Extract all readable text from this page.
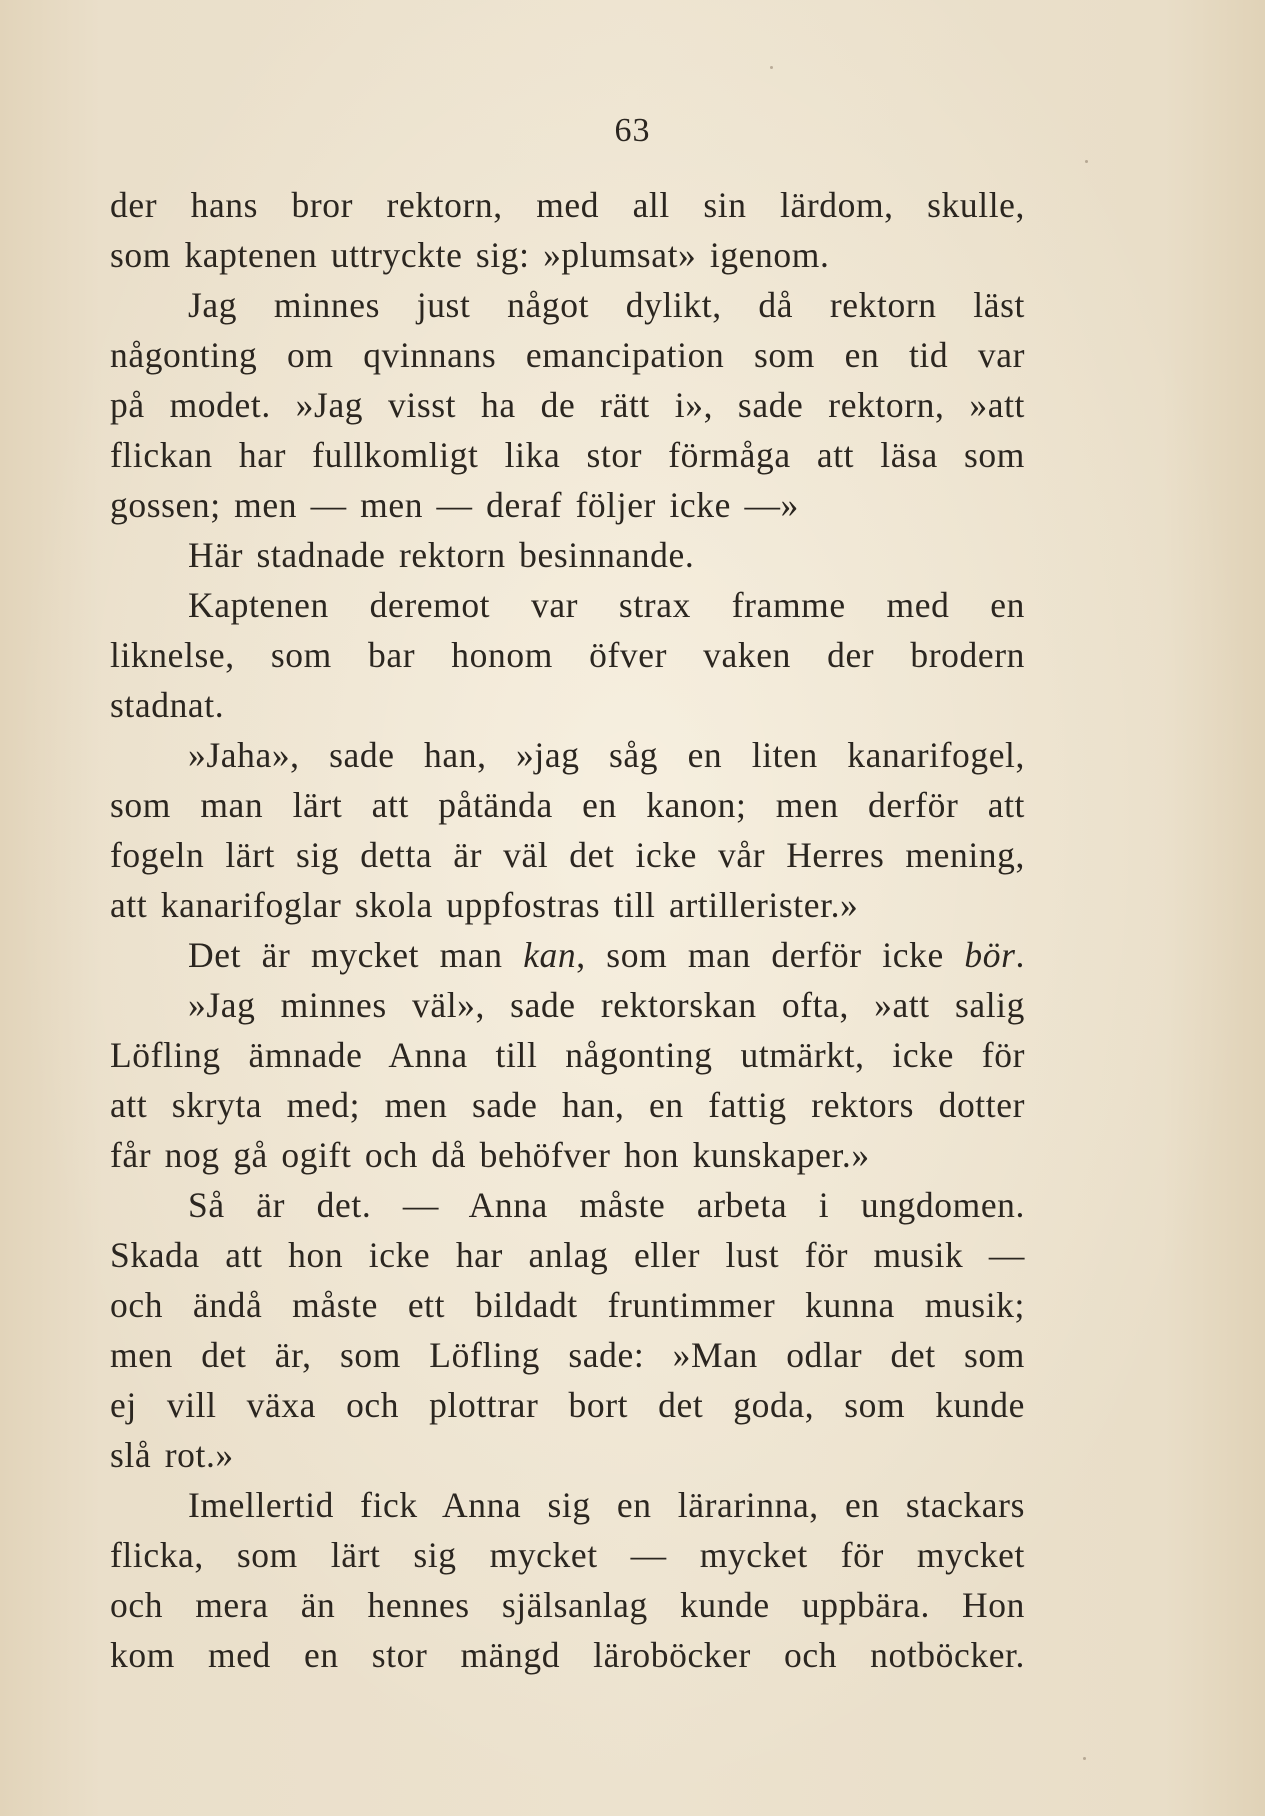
63
der hans bror rektorn, med all sin lärdom, skulle,
som kaptenen uttryckte sig: »plumsat» igenom.
Jag minnes just något dylikt, då rektorn läst
någonting om qvinnans emancipation som en tid var
på modet. »Jag visst ha de rätt i», sade rektorn, »att
flickan har fullkomligt lika stor förmåga att läsa som
gossen; men — men — deraf följer icke —»
Här stadnade rektorn besinnande.
Kaptenen deremot var strax framme med en
liknelse, som bar honom öfver vaken der brodern
stadnat.
»Jaha», sade han, »jag såg en liten kanarifogel,
som man lärt att påtända en kanon; men derför att
fogeln lärt sig detta är väl det icke vår Herres mening,
att kanarifoglar skola uppfostras till artillerister.»
Det är mycket man kan, som man derför icke bör.
»Jag minnes väl», sade rektorskan ofta, »att salig
Löfling ämnade Anna till någonting utmärkt, icke för
att skryta med; men sade han, en fattig rektors dotter
får nog gå ogift och då behöfver hon kunskaper.»
Så är det. — Anna måste arbeta i ungdomen.
Skada att hon icke har anlag eller lust för musik —
och ändå måste ett bildadt fruntimmer kunna musik;
men det är, som Löfling sade: »Man odlar det som
ej vill växa och plottrar bort det goda, som kunde
slå rot.»
Imellertid fick Anna sig en lärarinna, en stackars
flicka, som lärt sig mycket — mycket för mycket
och mera än hennes själsanlag kunde uppbära. Hon
kom med en stor mängd läroböcker och notböcker.
